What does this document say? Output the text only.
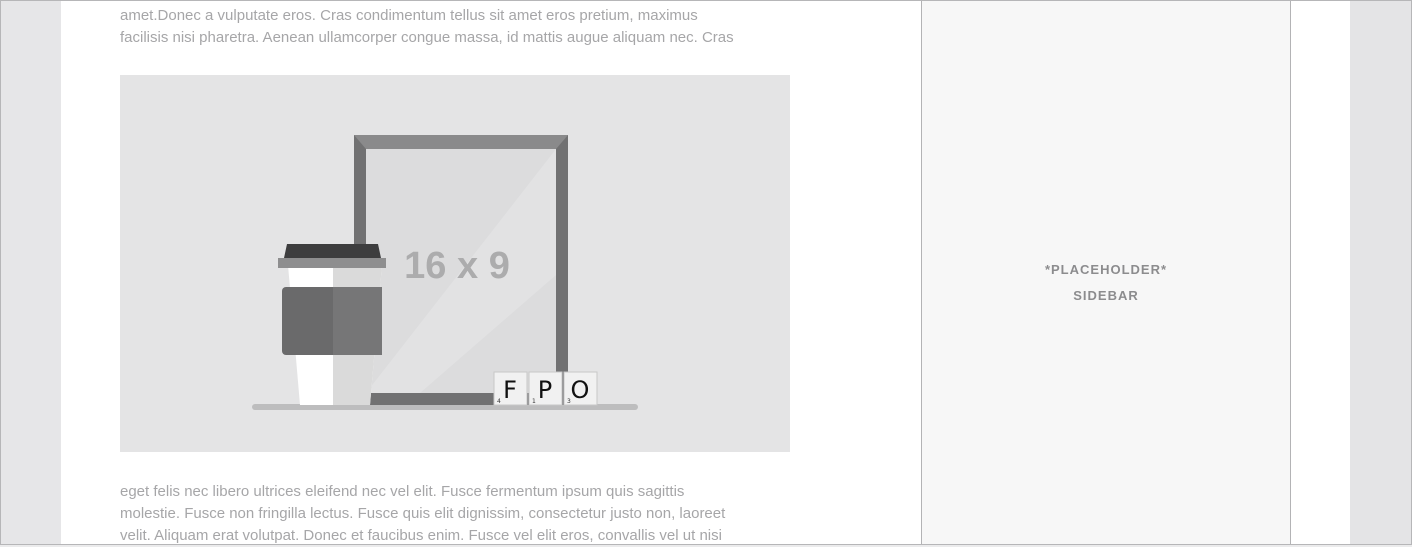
amet.Donec a vulputate eros. Cras condimentum tellus sit amet eros pretium, maximus
facilisis nisi pharetra. Aenean ullamcorper congue massa, id mattis augue aliquam nec. Cras

16 x 9
F
4 P
1 O
3

eget felis nec libero ultrices eleifend nec vel elit. Fusce fermentum ipsum quis sagittis
molestie. Fusce non fringilla lectus. Fusce quis elit dignissim, consectetur justo non, laoreet
velit. Aliquam erat volutpat. Donec et faucibus enim. Fusce vel elit eros, convallis vel ut nisi

*PLACEHOLDER*
SIDEBAR
